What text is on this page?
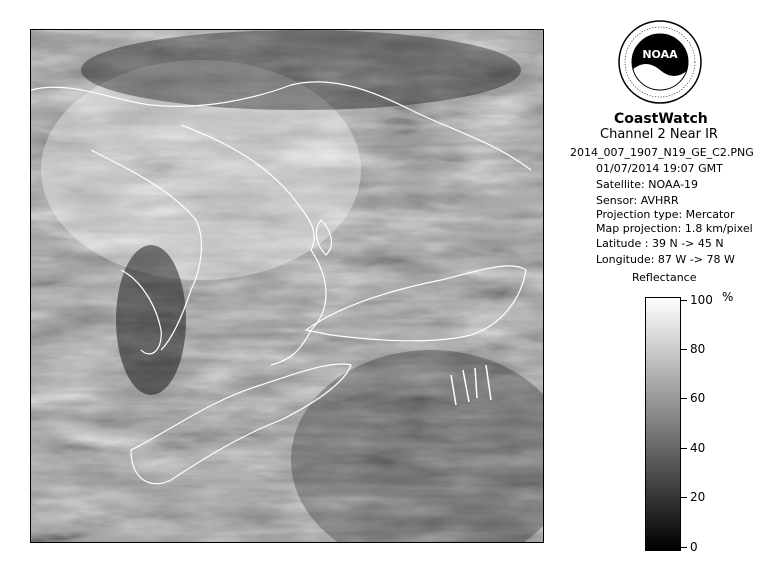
NOAA
CoastWatch
Channel 2 Near IR
2014_007_1907_N19_GE_C2.PNG
01/07/2014 19:07 GMT
Satellite: NOAA-19
Sensor: AVHRR
Projection type: Mercator
Map projection: 1.8 km/pixel
Latitude : 39 N -> 45 N
Longitude: 87 W -> 78 W
Reflectance
%
100
80
60
40
20
0
